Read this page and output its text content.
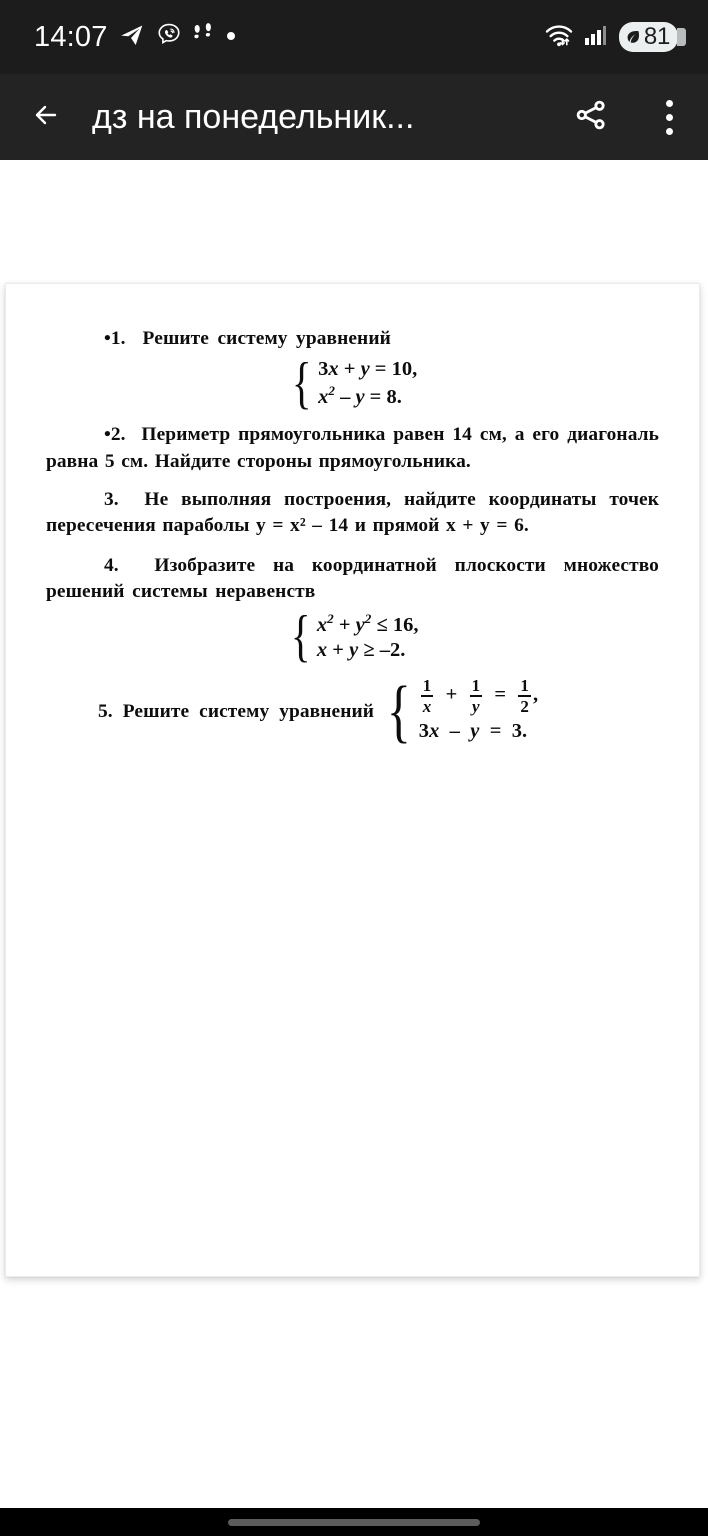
14:07	81
дз на понедельник...
•1. Решите систему уравнений
{ 3x + y = 10,
$x^2 - y = 8$.
•2. Периметр прямоугольника равен 14 см, а его диагональ равна 5 см. Найдите стороны прямоугольника.
3. Не выполняя построения, найдите координаты точек пересечения параболы y = x² – 14 и прямой x + y = 6.
4. Изобразите на координатной плоскости множество решений системы неравенств
{ $x^2 + y^2 \le 16$,
x + y ≥ –2.
5.
Решите систему уравнений { $\frac{1}{x} + \frac{1}{y} = \frac{1}{2}$ ,
3x – y = 3.
